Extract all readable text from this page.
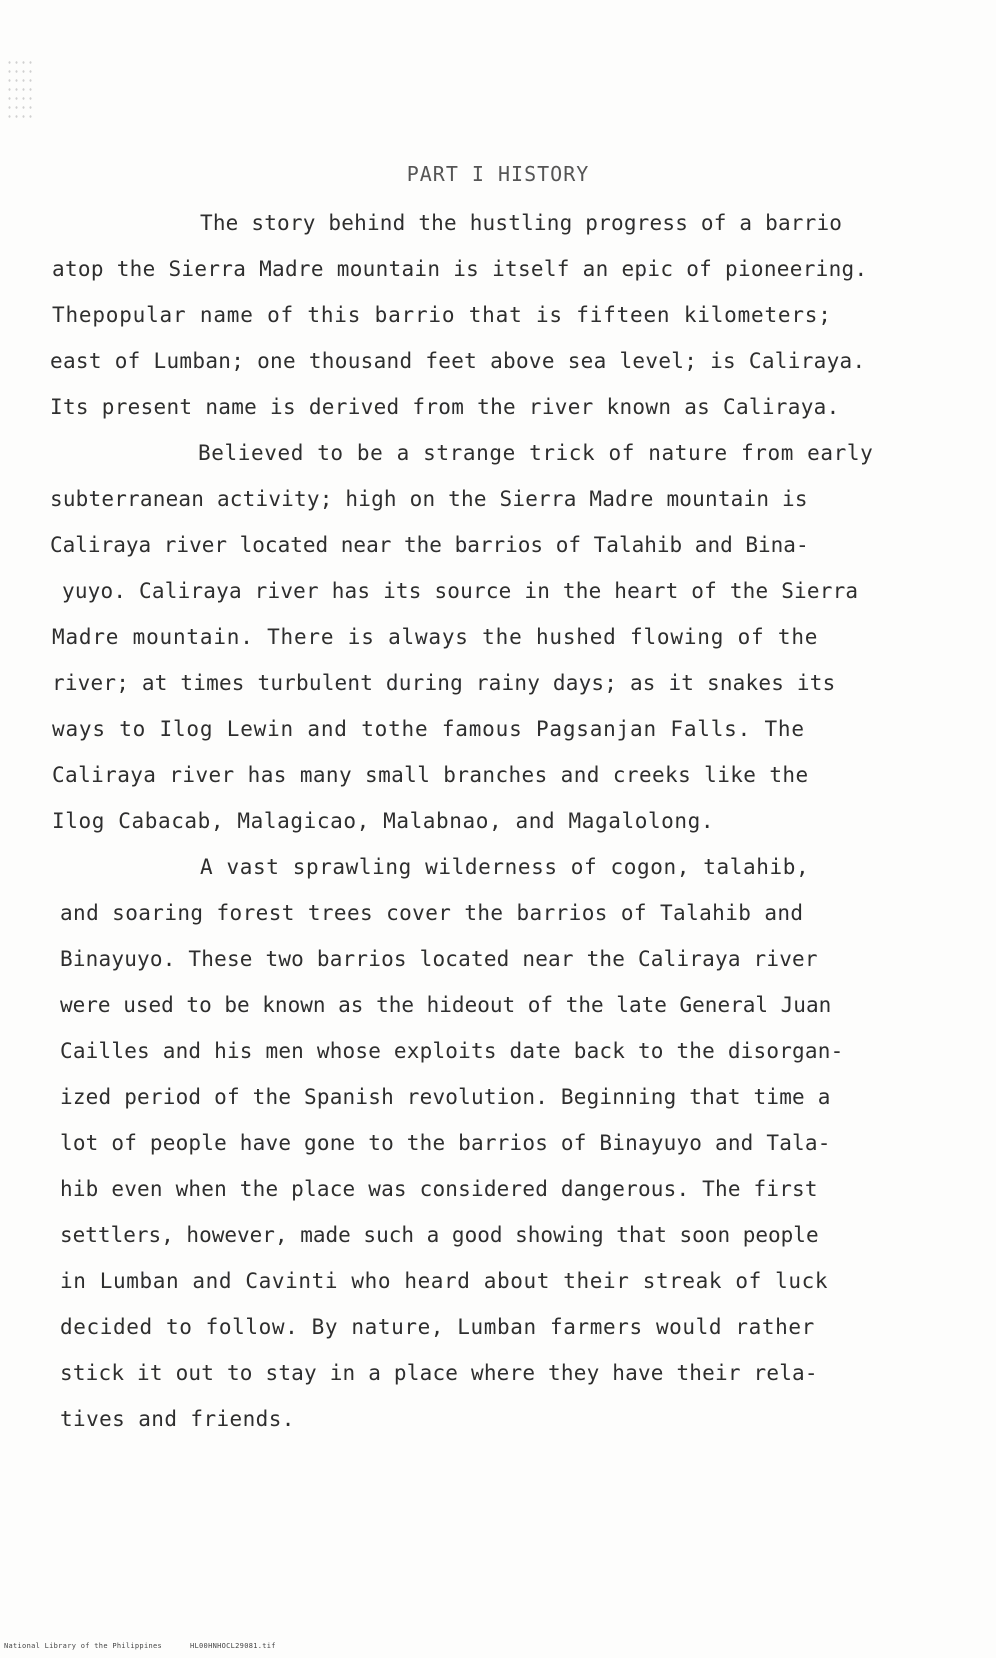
PART I HISTORY
The story behind the hustling progress of a barrio
atop the Sierra Madre mountain is itself an epic of pioneering.
Thepopular name of this barrio that is fifteen kilometers;
east of Lumban; one thousand feet above sea level; is Caliraya.
Its present name is derived from the river known as Caliraya.
Believed to be a strange trick of nature from early
subterranean activity; high on the Sierra Madre mountain is
Caliraya river located near the barrios of Talahib and Bina-
yuyo. Caliraya river has its source in the heart of the Sierra
Madre mountain. There is always the hushed flowing of the
river; at times turbulent during rainy days; as it snakes its
ways to Ilog Lewin and tothe famous Pagsanjan Falls. The
Caliraya river has many small branches and creeks like the
Ilog Cabacab, Malagicao, Malabnao, and Magalolong.
A vast sprawling wilderness of cogon, talahib,
and soaring forest trees cover the barrios of Talahib and
Binayuyo. These two barrios located near the Caliraya river
were used to be known as the hideout of the late General Juan
Cailles and his men whose exploits date back to the disorgan-
ized period of the Spanish revolution. Beginning that time a
lot of people have gone to the barrios of Binayuyo and Tala-
hib even when the place was considered dangerous. The first
settlers, however, made such a good showing that soon people
in Lumban and Cavinti who heard about their streak of luck
decided to follow. By nature, Lumban farmers would rather
stick it out to stay in a place where they have their rela-
tives and friends.
National Library of the Philippines	HL00HNHOCL29081.tif
